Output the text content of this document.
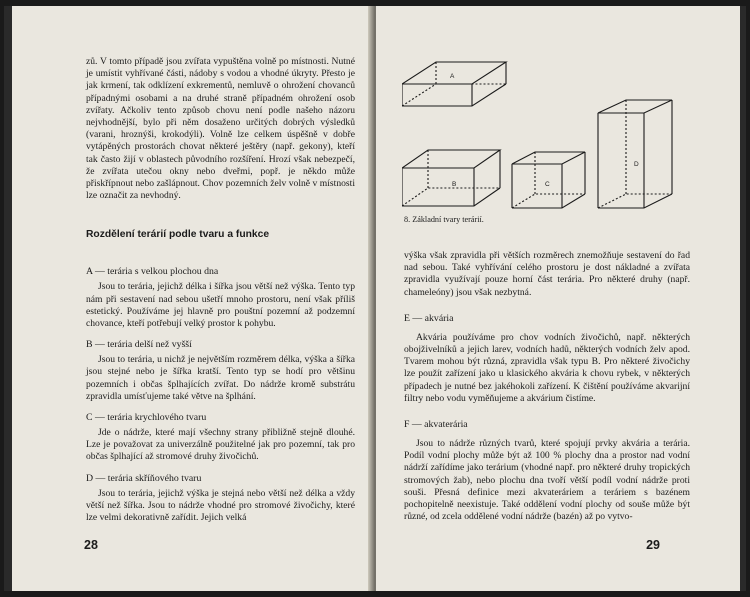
zů. V tomto případě jsou zvířata vypuštěna volně po místnosti. Nutné je umístit vyhřívané části, nádoby s vodou a vhodné úkryty. Přesto je jak krmení, tak odklízení exkrementů, nemluvě o ohrožení chovanců případnými osobami a na druhé straně případném ohrožení osob zvířaty. Ačkoliv tento způsob chovu není podle našeho názoru nejvhodnější, bylo při něm dosaženo určitých dobrých výsledků (varani, hroznýši, krokodýli). Volně lze celkem úspěšně v dobře vytápěných prostorách chovat některé ještěry (např. gekony), kteří tak často žijí v oblastech původního rozšíření. Hrozí však nebezpečí, že zvířata utečou okny nebo dveřmi, popř. je někdo může přiskřípnout nebo zašlápnout. Chov pozemních želv volně v místnosti lze označit za nevhodný.

Rozdělení terárií podle tvaru a funkce
A — terária s velkou plochou dna

Jsou to terária, jejichž délka i šířka jsou větší než výška. Tento typ nám při sestavení nad sebou ušetří mnoho prostoru, není však příliš estetický. Používáme jej hlavně pro pouštní pozemní až podzemní chovance, kteří potřebují velký prostor k pohybu.

B — terária delší než vyšší

Jsou to terária, u nichž je největším rozměrem délka, výška a šířka jsou stejné nebo je šířka kratší. Tento typ se hodí pro většinu pozemních i občas šplhajících zvířat. Do nádrže kromě substrátu zpravidla umísťujeme také větve na šplhání.

C — terária krychlového tvaru

Jde o nádrže, které mají všechny strany přibližně stejně dlouhé. Lze je považovat za univerzálně použitelné jak pro pozemní, tak pro občas šplhající až stromové druhy živočichů.

D — terária skříňového tvaru

Jsou to terária, jejichž výška je stejná nebo větší než délka a vždy větší než šířka. Jsou to nádrže vhodné pro stromové živočichy, které lze velmi dekorativně zařídit. Jejich velká

28
A
B	C
D
8. Základní tvary terárií.

výška však zpravidla při větších rozměrech znemožňuje sestavení do řad nad sebou. Také vyhřívání celého prostoru je dost nákladné a zvířata zpravidla využívají pouze horní část terária. Pro některé druhy (např. chameleóny) jsou však nezbytná.

E — akvária

Akvária používáme pro chov vodních živočichů, např. některých obojživelníků a jejich larev, vodních hadů, některých vodních želv apod. Tvarem mohou být různá, zpravidla však typu B. Pro některé živočichy lze použít zařízení jako u klasického akvária k chovu rybek, v některých případech je nutné bez jakéhokoli zařízení. K čištění používáme akvarijní filtry nebo vodu vyměňujeme a akvárium čistíme.

F — akvaterária

Jsou to nádrže různých tvarů, které spojují prvky akvária a terária. Podíl vodní plochy může být až 100 % plochy dna a prostor nad vodní nádrží zařídíme jako terárium (vhodné např. pro některé druhy tropických stromových žab), nebo plochu dna tvoří větší podíl vodní nádrže proti souši. Přesná definice mezi akvateráriem a teráriem s bazénem pochopitelně neexistuje. Také oddělení vodní plochy od souše může být různé, od zcela oddělené vodní nádrže (bazén) až po vytvo-

29
